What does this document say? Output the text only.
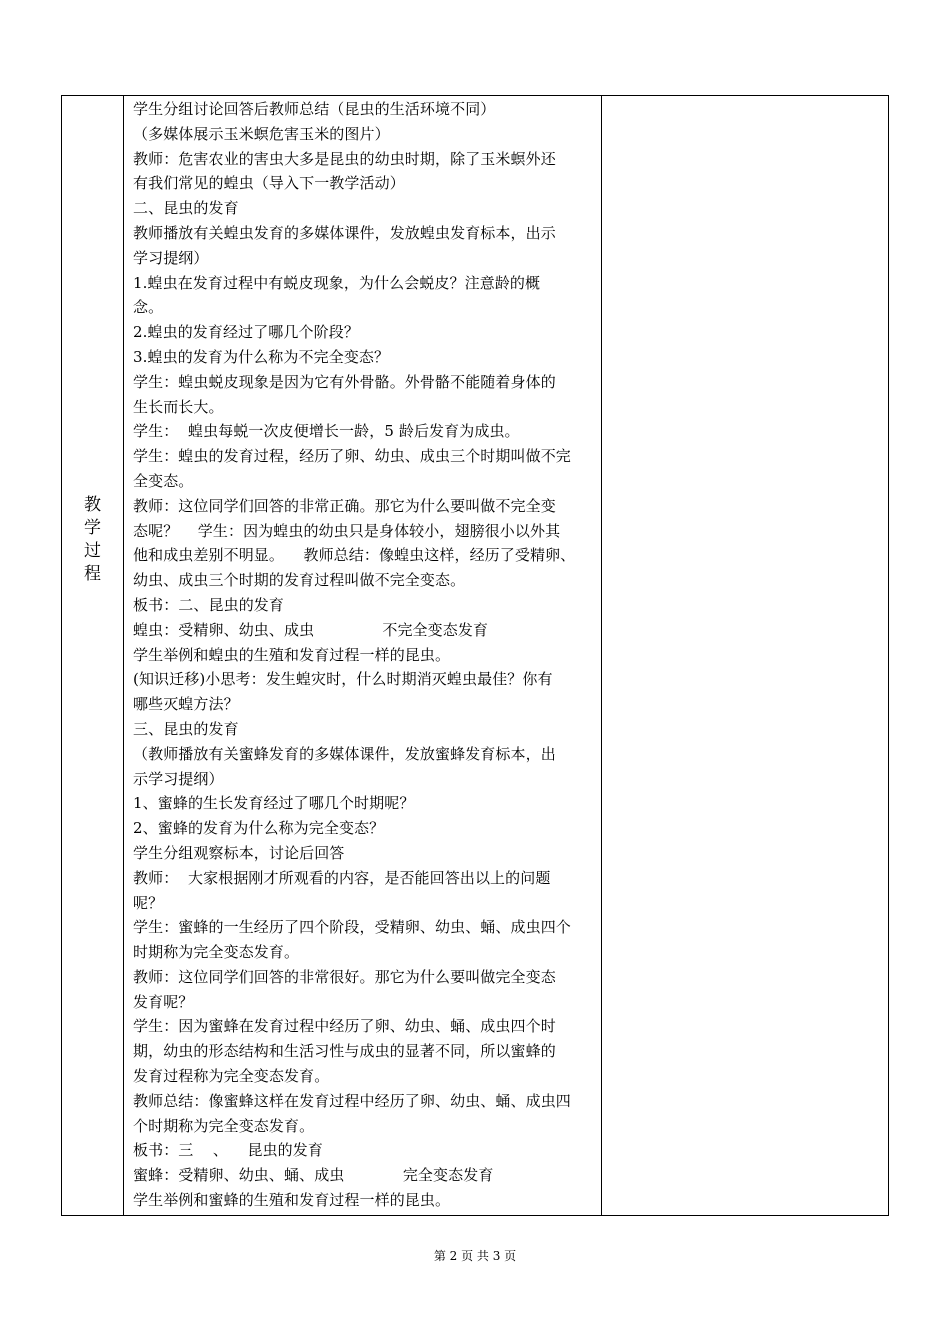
教
学
过
程
学生分组讨论回答后教师总结（昆虫的生活环境不同）
（多媒体展示玉米螟危害玉米的图片）
教师：危害农业的害虫大多是昆虫的幼虫时期，除了玉米螟外还
有我们常见的蝗虫（导入下一教学活动）
二、昆虫的发育
教师播放有关蝗虫发育的多媒体课件，发放蝗虫发育标本，出示
学习提纲）
1.蝗虫在发育过程中有蜕皮现象，为什么会蜕皮？注意龄的概
念。
2.蝗虫的发育经过了哪几个阶段？
3.蝗虫的发育为什么称为不完全变态？
学生：蝗虫蜕皮现象是因为它有外骨骼。外骨骼不能随着身体的
生长而长大。
学生：  蝗虫每蜕一次皮便增长一龄，5 龄后发育为成虫。
学生：蝗虫的发育过程，经历了卵、幼虫、成虫三个时期叫做不完
全变态。
教师：这位同学们回答的非常正确。那它为什么要叫做不完全变
态呢？    学生：因为蝗虫的幼虫只是身体较小，翅膀很小以外其
他和成虫差别不明显。    教师总结：像蝗虫这样，经历了受精卵、
幼虫、成虫三个时期的发育过程叫做不完全变态。
板书：二、昆虫的发育
蝗虫：受精卵、幼虫、成虫              不完全变态发育
学生举例和蝗虫的生殖和发育过程一样的昆虫。
(知识迁移)小思考：发生蝗灾时，什么时期消灭蝗虫最佳？你有
哪些灭蝗方法？
三、昆虫的发育
（教师播放有关蜜蜂发育的多媒体课件，发放蜜蜂发育标本，出
示学习提纲）
1、蜜蜂的生长发育经过了哪几个时期呢？
2、蜜蜂的发育为什么称为完全变态？
学生分组观察标本，讨论后回答
教师：  大家根据刚才所观看的内容，是否能回答出以上的问题
呢？
学生：蜜蜂的一生经历了四个阶段，受精卵、幼虫、蛹、成虫四个
时期称为完全变态发育。
教师：这位同学们回答的非常很好。那它为什么要叫做完全变态
发育呢？
学生：因为蜜蜂在发育过程中经历了卵、幼虫、蛹、成虫四个时
期，幼虫的形态结构和生活习性与成虫的显著不同，所以蜜蜂的
发育过程称为完全变态发育。
教师总结：像蜜蜂这样在发育过程中经历了卵、幼虫、蛹、成虫四
个时期称为完全变态发育。
板书：三    、    昆虫的发育
蜜蜂：受精卵、幼虫、蛹、成虫            完全变态发育
学生举例和蜜蜂的生殖和发育过程一样的昆虫。
第 2 页 共 3 页
